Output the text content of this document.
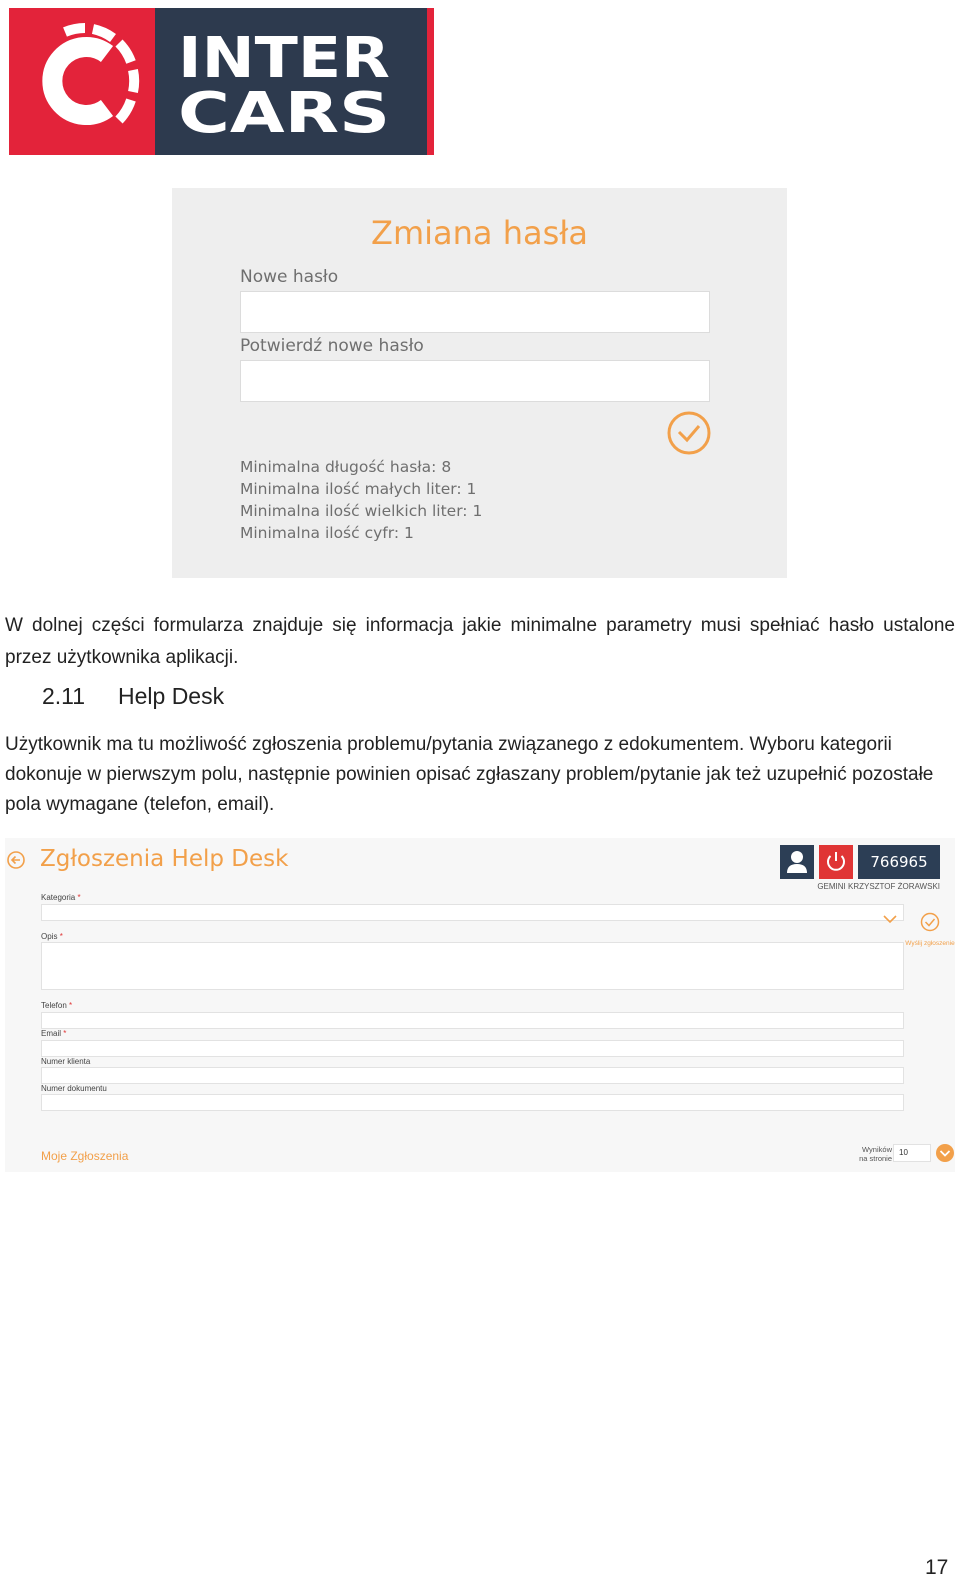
INTER
CARS
Zmiana hasła
Nowe hasło
Potwierdź nowe hasło
Minimalna długość hasła: 8
Minimalna ilość małych liter: 1
Minimalna ilość wielkich liter: 1
Minimalna ilość cyfr: 1

W dolnej części formularza znajduje się informacja jakie minimalne parametry musi spełniać hasło ustalone przez użytkownika aplikacji.

2.11 Help Desk

Użytkownik ma tu możliwość zgłoszenia problemu/pytania związanego z edokumentem. Wyboru kategorii dokonuje w pierwszym polu, następnie powinien opisać zgłaszany problem/pytanie jak też uzupełnić pozostałe pola wymagane (telefon, email).

Zgłoszenia Help Desk	766965
GEMINI KRZYSZTOF ŻORAWSKI
Kategoria *
Wyślij zgłoszenie
Opis *
Telefon *
Email *
Numer klienta
Numer dokumentu
Moje Zgłoszenia	Wyników
na stronie
10
17
